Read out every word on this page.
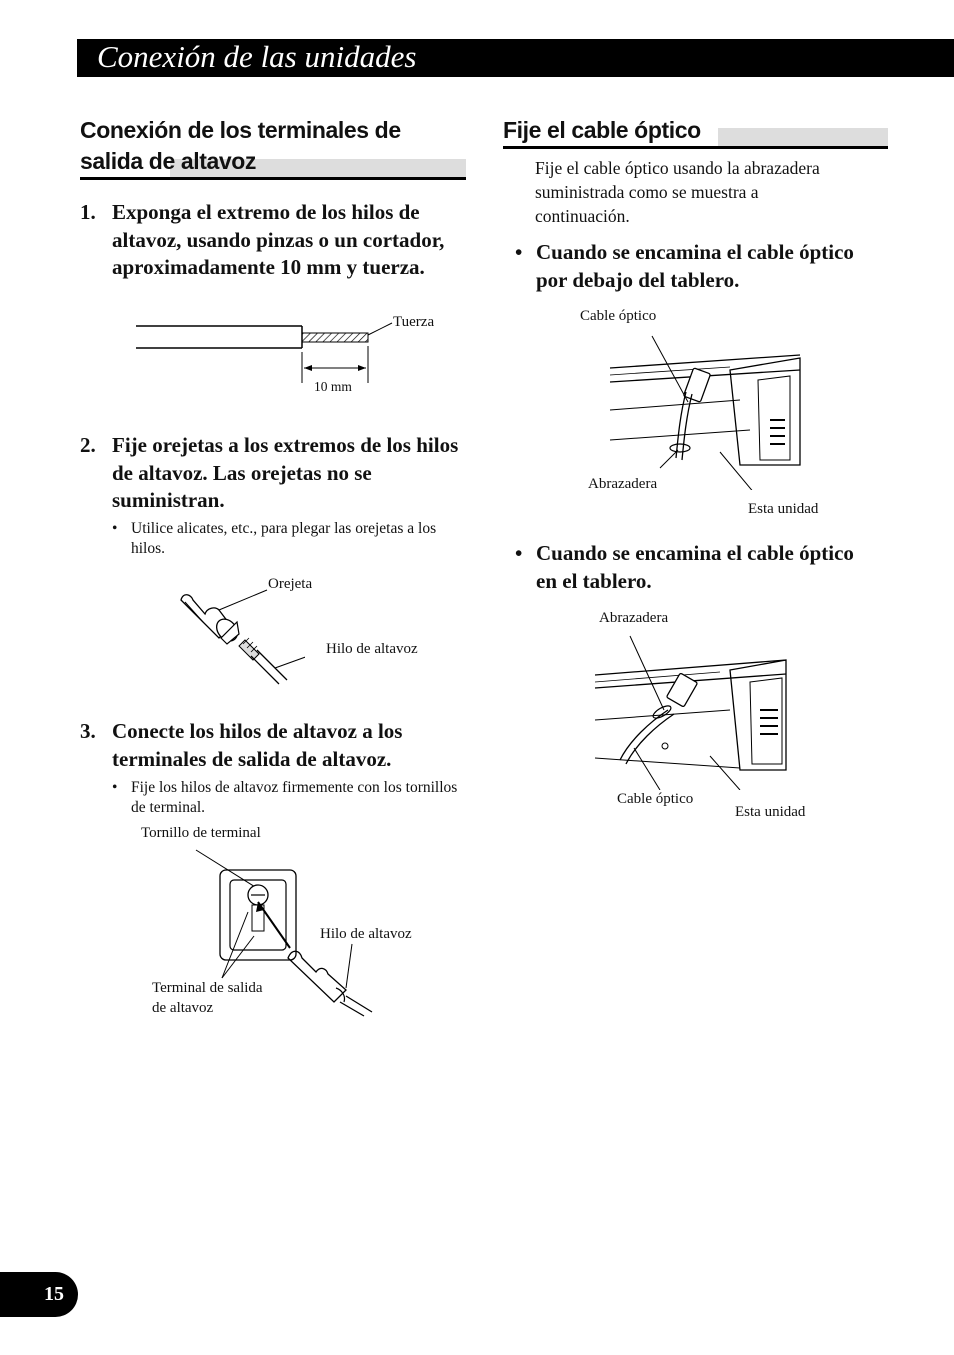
Conexión de las unidades
Conexión de los terminales de
salida de altavoz
1. Exponga el extremo de los hilos de altavoz, usando pinzas o un cortador, aproximadamente 10 mm y tuerza.
Tuerza
10 mm
2. Fije orejetas a los extremos de los hilos de altavoz. Las orejetas no se suministran.
• Utilice alicates, etc., para plegar las orejetas a los hilos.
Orejeta
Hilo de altavoz
3. Conecte los hilos de altavoz a los terminales de salida de altavoz.
• Fije los hilos de altavoz firmemente con los tornillos de terminal.
Tornillo de terminal
Hilo de altavoz
Terminal de salida
de altavoz
Fije el cable óptico
Fije el cable óptico usando la abrazadera suministrada como se muestra a continuación.
• Cuando se encamina el cable óptico por debajo del tablero.
Cable óptico
Abrazadera
Esta unidad
• Cuando se encamina el cable óptico en el tablero.
Abrazadera
Cable óptico
Esta unidad
15
